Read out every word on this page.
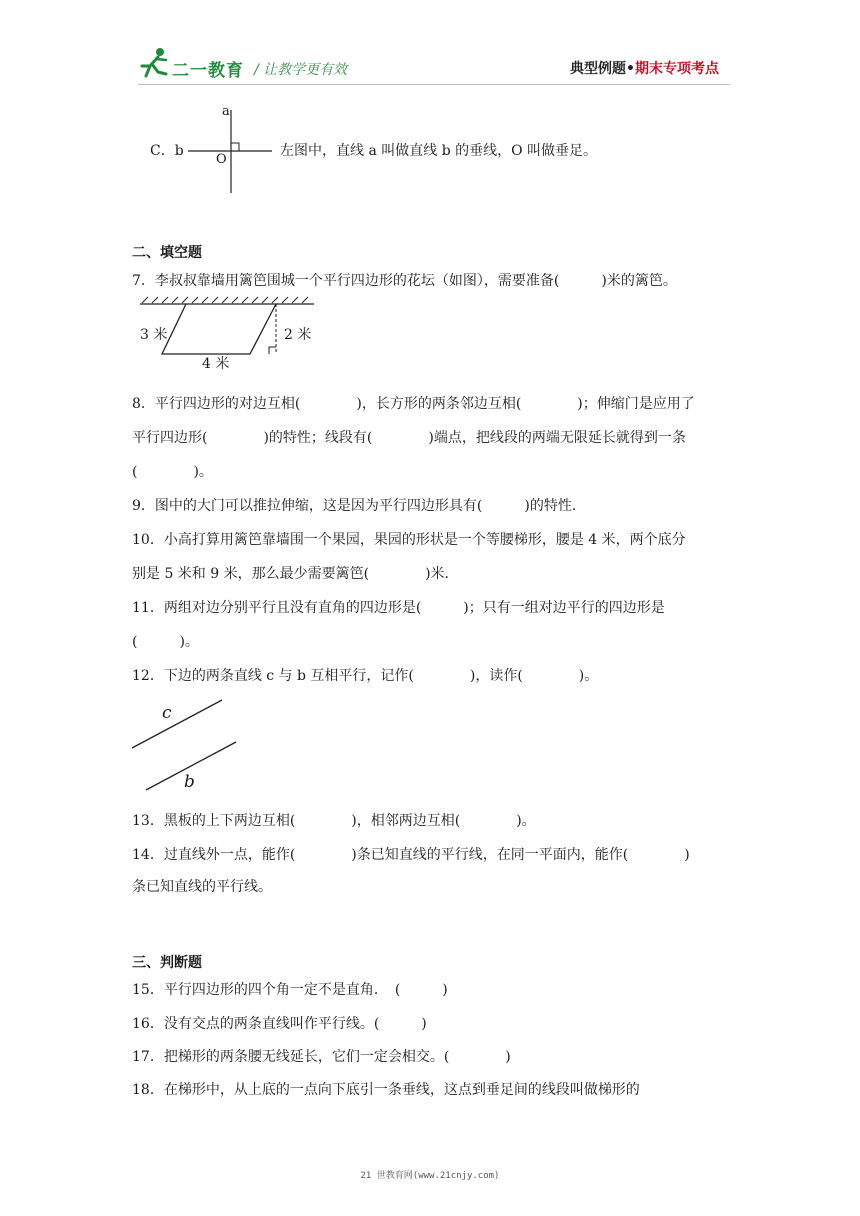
二一教育 / 让教学更有效	典型例题•期末专项考点
C．b
a
O
左图中，直线 a 叫做直线 b 的垂线，O 叫做垂足。
二、填空题
7．李叔叔靠墙用篱笆围城一个平行四边形的花坛（如图），需要准备(　　　)米的篱笆。
3 米	2 米
4 米
8．平行四边形的对边互相(　　　　)，长方形的两条邻边互相(　　　　)；伸缩门是应用了
平行四边形(　　　　)的特性；线段有(　　　　)端点，把线段的两端无限延长就得到一条
(　　　　)。
9．图中的大门可以推拉伸缩，这是因为平行四边形具有(　　　)的特性．
10．小高打算用篱笆靠墙围一个果园，果园的形状是一个等腰梯形，腰是 4 米，两个底分
别是 5 米和 9 米，那么最少需要篱笆(　　　　)米．
11．两组对边分别平行且没有直角的四边形是(　　　)；只有一组对边平行的四边形是
(　　　)。
12．下边的两条直线 c 与 b 互相平行，记作(　　　　)，读作(　　　　)。
c
b
13．黑板的上下两边互相(　　　　)，相邻两边互相(　　　　)。
14．过直线外一点，能作(　　　　)条已知直线的平行线，在同一平面内，能作(　　　　)
条已知直线的平行线。
三、判断题
15．平行四边形的四个角一定不是直角．　(　　　)
16．没有交点的两条直线叫作平行线。(　　　)
17．把梯形的两条腰无线延长，它们一定会相交。(　　　　)
18．在梯形中，从上底的一点向下底引一条垂线，这点到垂足间的线段叫做梯形的
21 世教育网(www.21cnjy.com)
